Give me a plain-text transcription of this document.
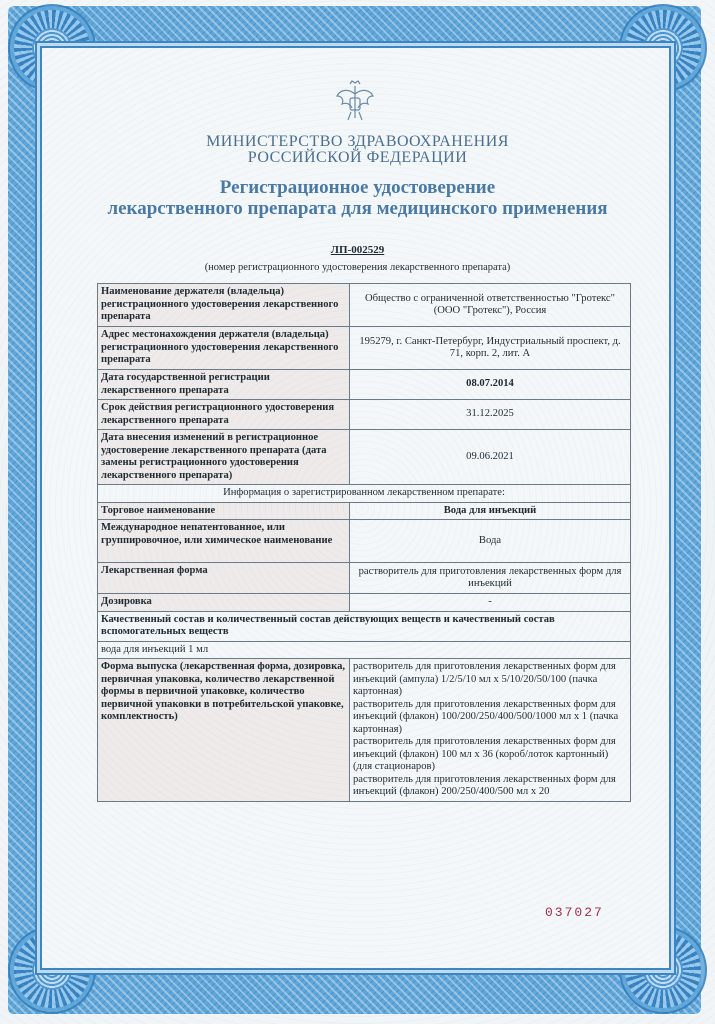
МИНИСТЕРСТВО ЗДРАВООХРАНЕНИЯ
РОССИЙСКОЙ ФЕДЕРАЦИИ
Регистрационное удостоверение
лекарственного препарата для медицинского применения
ЛП-002529
(номер регистрационного удостоверения лекарственного препарата)
Наименование держателя (владельца) регистрационного удостоверения лекарственного препарата	Общество с ограниченной ответственностью "Гротекс" (ООО "Гротекс"), Россия
Адрес местонахождения держателя (владельца) регистрационного удостоверения лекарственного препарата	195279, г. Санкт-Петербург, Индустриальный проспект, д. 71, корп. 2, лит. А
Дата государственной регистрации лекарственного препарата	08.07.2014
Срок действия регистрационного удостоверения лекарственного препарата	31.12.2025
Дата внесения изменений в регистрационное удостоверение лекарственного препарата (дата замены регистрационного удостоверения лекарственного препарата)	09.06.2021
Информация о зарегистрированном лекарственном препарате:	
Торговое наименование	Вода для инъекций
Международное непатентованное, или группировочное, или химическое наименование	Вода
Лекарственная форма	растворитель для приготовления лекарственных форм для инъекций
Дозировка	-
Качественный состав и количественный состав действующих веществ и качественный состав вспомогательных веществ	
вода для инъекций 1 мл	
Форма выпуска (лекарственная форма, дозировка, первичная упаковка, количество лекарственной формы в первичной упаковке, количество первичной упаковки в потребительской упаковке, комплектность)	растворитель для приготовления лекарственных форм для инъекций (ампула) 1/2/5/10 мл х 5/10/20/50/100 (пачка картонная)
растворитель для приготовления лекарственных форм для инъекций (флакон) 100/200/250/400/500/1000 мл х 1 (пачка картонная)
растворитель для приготовления лекарственных форм для инъекций (флакон) 100 мл х 36 (короб/лоток картонный) (для стационаров)
растворитель для приготовления лекарственных форм для инъекций (флакон) 200/250/400/500 мл х 20
037027
